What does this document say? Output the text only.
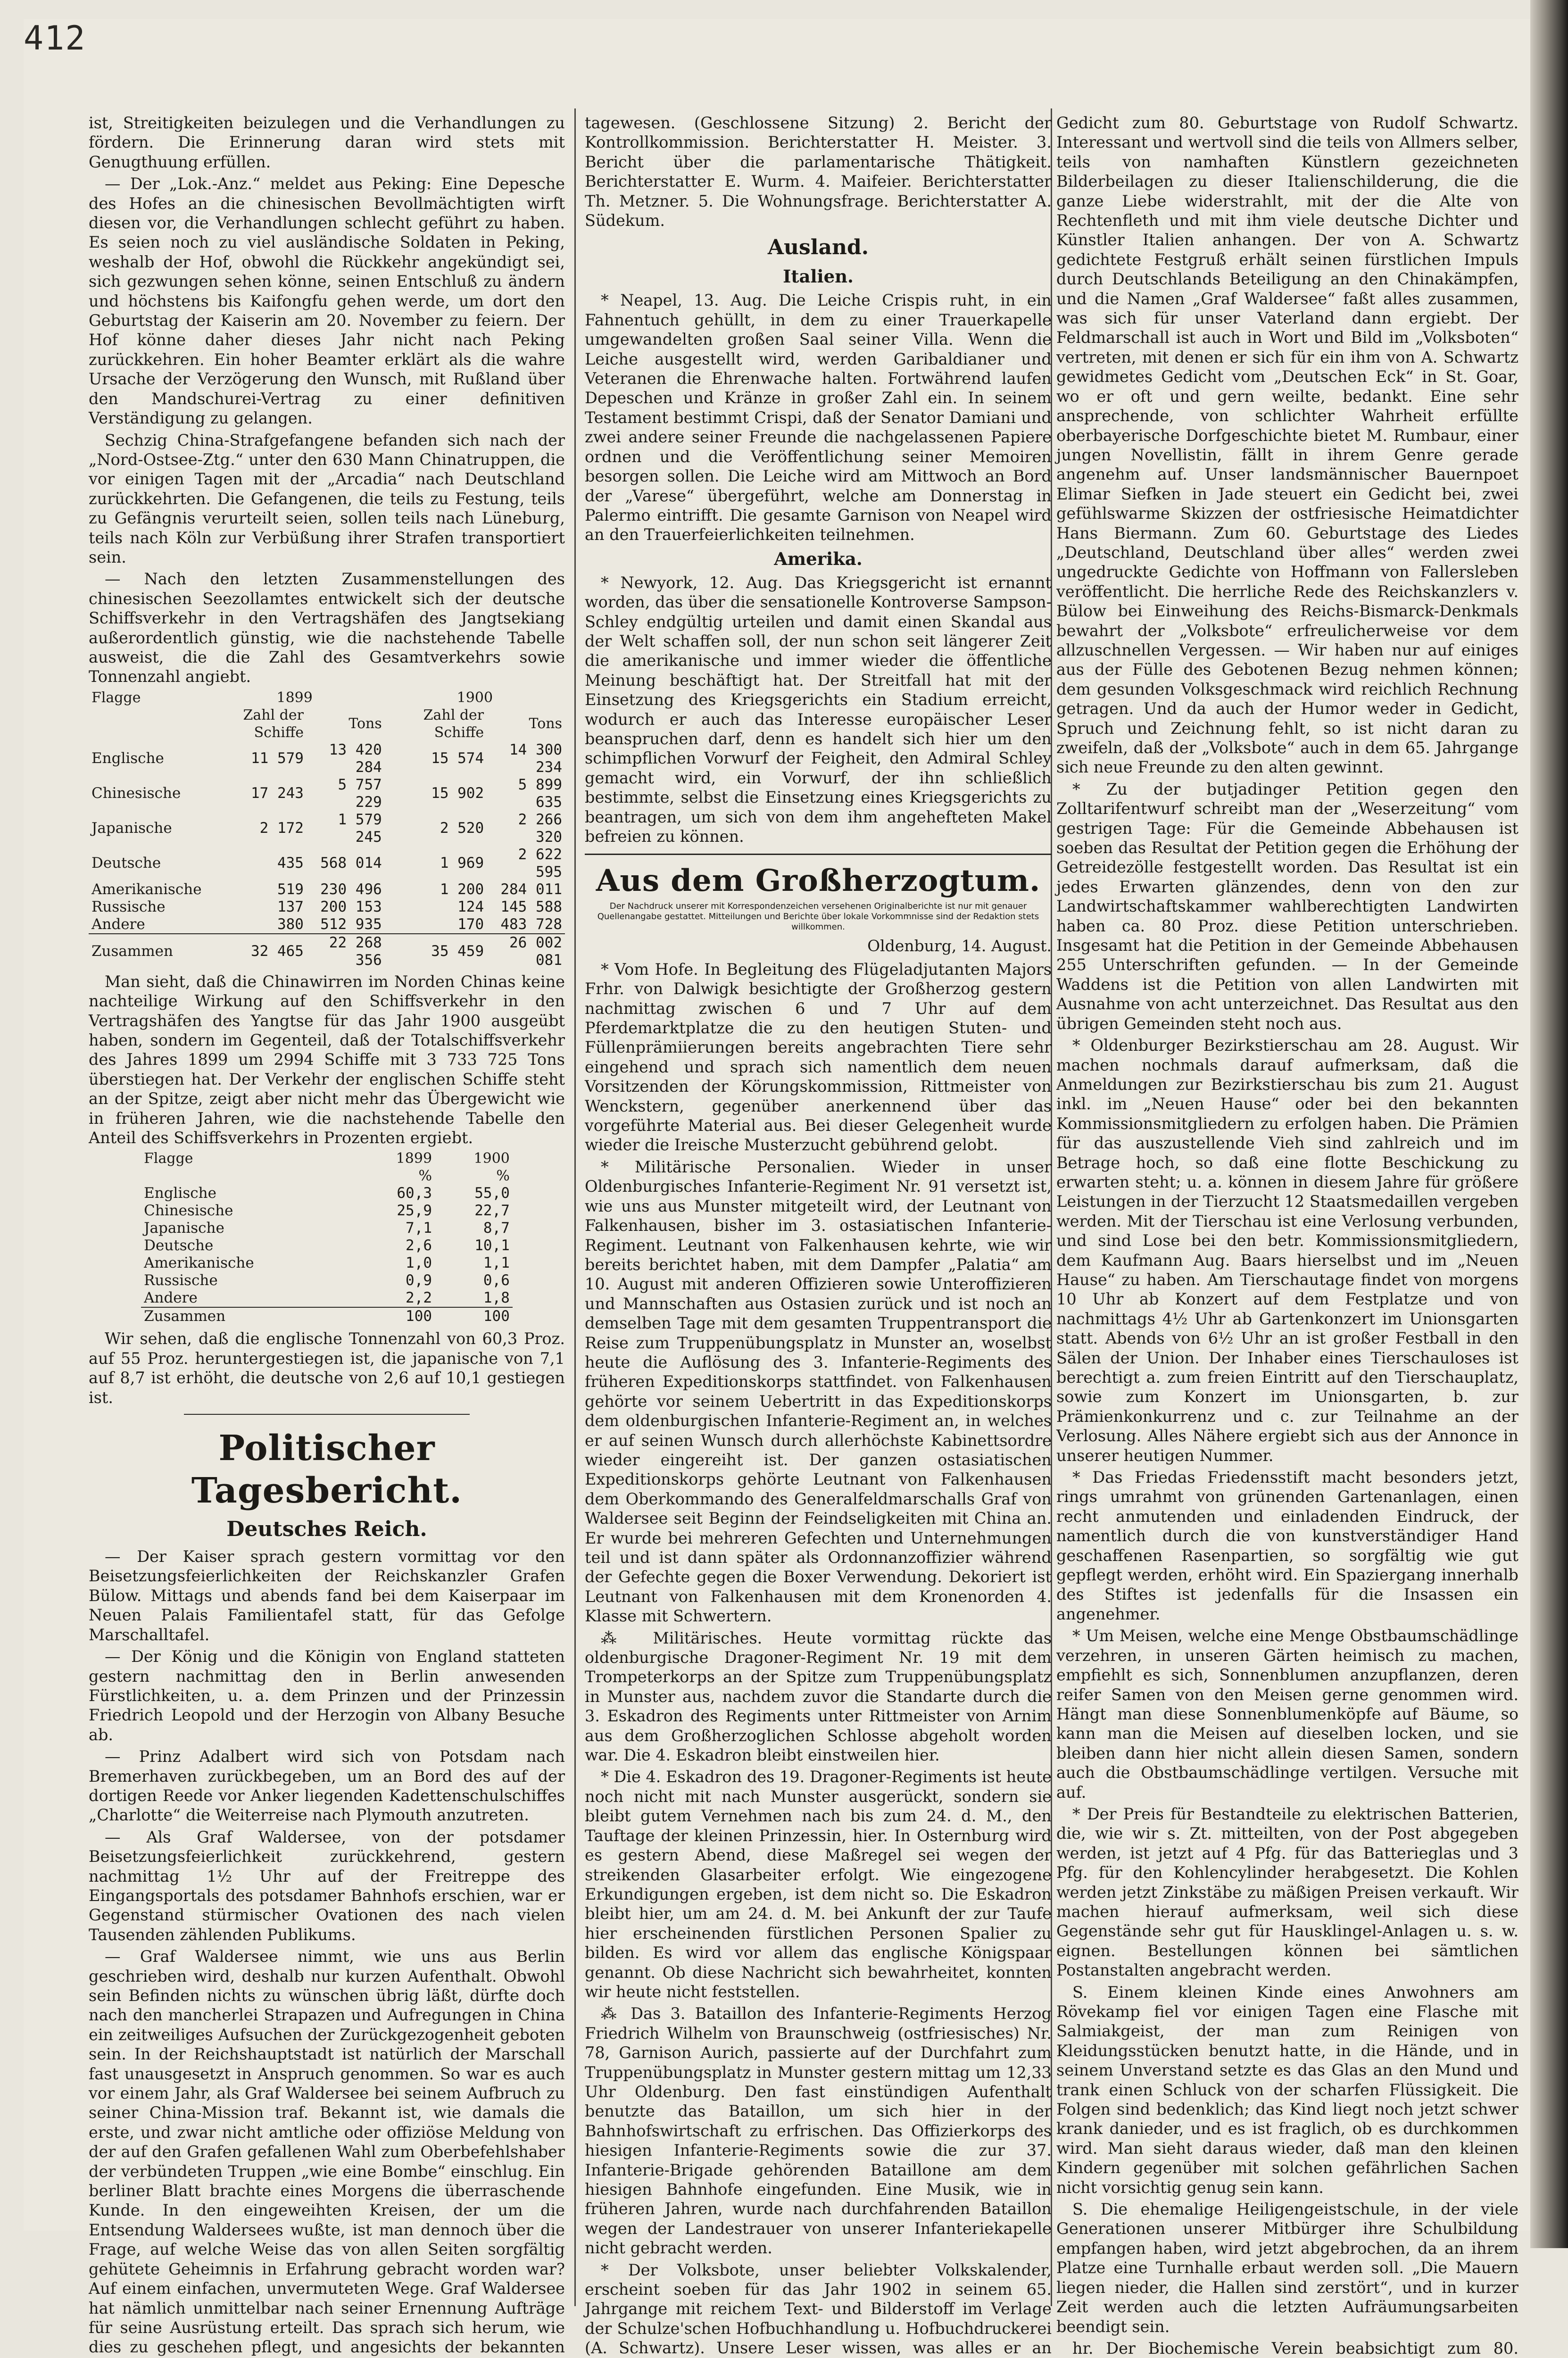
412

ist, Streitigkeiten beizulegen und die Verhandlungen zu fördern. Die Erinnerung daran wird stets mit Genugthuung erfüllen.

— Der „Lok.-Anz.“ meldet aus Peking: Eine Depesche des Hofes an die chinesischen Bevollmächtigten wirft diesen vor, die Verhandlungen schlecht geführt zu haben. Es seien noch zu viel ausländische Soldaten in Peking, weshalb der Hof, obwohl die Rückkehr angekündigt sei, sich gezwungen sehen könne, seinen Entschluß zu ändern und höchstens bis Kaifongfu gehen werde, um dort den Geburtstag der Kaiserin am 20. November zu feiern. Der Hof könne daher dieses Jahr nicht nach Peking zurückkehren. Ein hoher Beamter erklärt als die wahre Ursache der Verzögerung den Wunsch, mit Rußland über den Mandschurei-Vertrag zu einer definitiven Verständigung zu gelangen.

Sechzig China-Strafgefangene befanden sich nach der „Nord-Ostsee-Ztg.“ unter den 630 Mann Chinatruppen, die vor einigen Tagen mit der „Arcadia“ nach Deutschland zurückkehrten. Die Gefangenen, die teils zu Festung, teils zu Gefängnis verurteilt seien, sollen teils nach Lüneburg, teils nach Köln zur Verbüßung ihrer Strafen transportiert sein.

— Nach den letzten Zusammenstellungen des chinesischen Seezollamtes entwickelt sich der deutsche Schiffsverkehr in den Vertragshäfen des Jangtsekiang außerordentlich günstig, wie die nachstehende Tabelle ausweist, die die Zahl des Gesamtverkehrs sowie Tonnenzahl angiebt.

Flagge	1899		1900	
	Zahl der Schiffe	Tons	Zahl der Schiffe	Tons
Englische	11 579	13 420 284	15 574	14 300 234
Chinesische	17 243	5 757 229	15 902	5 899 635
Japanische	2 172	1 579 245	2 520	2 266 320
Deutsche	435	568 014	1 969	2 622 595
Amerikanische	519	230 496	1 200	284 011
Russische	137	200 153	124	145 588
Andere	380	512 935	170	483 728
Zusammen	32 465	22 268 356	35 459	26 002 081

Man sieht, daß die Chinawirren im Norden Chinas keine nachteilige Wirkung auf den Schiffsverkehr in den Vertragshäfen des Yangtse für das Jahr 1900 ausgeübt haben, sondern im Gegenteil, daß der Totalschiffsverkehr des Jahres 1899 um 2994 Schiffe mit 3 733 725 Tons überstiegen hat. Der Verkehr der englischen Schiffe steht an der Spitze, zeigt aber nicht mehr das Übergewicht wie in früheren Jahren, wie die nachstehende Tabelle den Anteil des Schiffsverkehrs in Prozenten ergiebt.

Flagge	1899	1900
	%	%
Englische	60,3	55,0
Chinesische	25,9	22,7
Japanische	7,1	8,7
Deutsche	2,6	10,1
Amerikanische	1,0	1,1
Russische	0,9	0,6
Andere	2,2	1,8
Zusammen	100	100

Wir sehen, daß die englische Tonnenzahl von 60,3 Proz. auf 55 Proz. heruntergestiegen ist, die japanische von 7,1 auf 8,7 ist erhöht, die deutsche von 2,6 auf 10,1 gestiegen ist.

Politischer Tagesbericht.
Deutsches Reich.

— Der Kaiser sprach gestern vormittag vor den Beisetzungsfeierlichkeiten der Reichskanzler Grafen Bülow. Mittags und abends fand bei dem Kaiserpaar im Neuen Palais Familientafel statt, für das Gefolge Marschalltafel.

— Der König und die Königin von England statteten gestern nachmittag den in Berlin anwesenden Fürstlichkeiten, u. a. dem Prinzen und der Prinzessin Friedrich Leopold und der Herzogin von Albany Besuche ab.

— Prinz Adalbert wird sich von Potsdam nach Bremerhaven zurückbegeben, um an Bord des auf der dortigen Reede vor Anker liegenden Kadettenschulschiffes „Charlotte“ die Weiterreise nach Plymouth anzutreten.

— Als Graf Waldersee, von der potsdamer Beisetzungsfeierlichkeit zurückkehrend, gestern nachmittag 1½ Uhr auf der Freitreppe des Eingangsportals des potsdamer Bahnhofs erschien, war er Gegenstand stürmischer Ovationen des nach vielen Tausenden zählenden Publikums.

— Graf Waldersee nimmt, wie uns aus Berlin geschrieben wird, deshalb nur kurzen Aufenthalt. Obwohl sein Befinden nichts zu wünschen übrig läßt, dürfte doch nach den mancherlei Strapazen und Aufregungen in China ein zeitweiliges Aufsuchen der Zurückgezogenheit geboten sein. In der Reichshauptstadt ist natürlich der Marschall fast unausgesetzt in Anspruch genommen. So war es auch vor einem Jahr, als Graf Waldersee bei seinem Aufbruch zu seiner China-Mission traf. Bekannt ist, wie damals die erste, und zwar nicht amtliche oder offiziöse Meldung von der auf den Grafen gefallenen Wahl zum Oberbefehlshaber der verbündeten Truppen „wie eine Bombe“ einschlug. Ein berliner Blatt brachte eines Morgens die überraschende Kunde. In den eingeweihten Kreisen, der um die Entsendung Waldersees wußte, ist man dennoch über die Frage, auf welche Weise das von allen Seiten sorgfältig gehütete Geheimnis in Erfahrung gebracht worden war? Auf einem einfachen, unvermuteten Wege. Graf Waldersee hat nämlich unmittelbar nach seiner Ernennung Aufträge für seine Ausrüstung erteilt. Das sprach sich herum, wie dies zu geschehen pflegt, und angesichts der bekannten

tagewesen. (Geschlossene Sitzung) 2. Bericht der Kontrollkommission. Berichterstatter H. Meister. 3. Bericht über die parlamentarische Thätigkeit. Berichterstatter E. Wurm. 4. Maifeier. Berichterstatter Th. Metzner. 5. Die Wohnungsfrage. Berichterstatter A. Südekum.

Ausland.
Italien.

* Neapel, 13. Aug. Die Leiche Crispis ruht, in ein Fahnentuch gehüllt, in dem zu einer Trauerkapelle umgewandelten großen Saal seiner Villa. Wenn die Leiche ausgestellt wird, werden Garibaldianer und Veteranen die Ehrenwache halten. Fortwährend laufen Depeschen und Kränze in großer Zahl ein. In seinem Testament bestimmt Crispi, daß der Senator Damiani und zwei andere seiner Freunde die nachgelassenen Papiere ordnen und die Veröffentlichung seiner Memoiren besorgen sollen. Die Leiche wird am Mittwoch an Bord der „Varese“ übergeführt, welche am Donnerstag in Palermo eintrifft. Die gesamte Garnison von Neapel wird an den Trauerfeierlichkeiten teilnehmen.

Amerika.

* Newyork, 12. Aug. Das Kriegsgericht ist ernannt worden, das über die sensationelle Kontroverse Sampson-Schley endgültig urteilen und damit einen Skandal aus der Welt schaffen soll, der nun schon seit längerer Zeit die amerikanische und immer wieder die öffentliche Meinung beschäftigt hat. Der Streitfall hat mit der Einsetzung des Kriegsgerichts ein Stadium erreicht, wodurch er auch das Interesse europäischer Leser beanspruchen darf, denn es handelt sich hier um den schimpflichen Vorwurf der Feigheit, den Admiral Schley gemacht wird, ein Vorwurf, der ihn schließlich bestimmte, selbst die Einsetzung eines Kriegsgerichts zu beantragen, um sich von dem ihm angehefteten Makel befreien zu können.

Aus dem Großherzogtum.
Der Nachdruck unserer mit Korrespondenzeichen versehenen Originalberichte ist nur mit genauer Quellenangabe gestattet. Mitteilungen und Berichte über lokale Vorkommnisse sind der Redaktion stets willkommen.
Oldenburg, 14. August.

* Vom Hofe. In Begleitung des Flügeladjutanten Majors Frhr. von Dalwigk besichtigte der Großherzog gestern nachmittag zwischen 6 und 7 Uhr auf dem Pferdemarktplatze die zu den heutigen Stuten- und Füllenprämiierungen bereits angebrachten Tiere sehr eingehend und sprach sich namentlich dem neuen Vorsitzenden der Körungskommission, Rittmeister von Wenckstern, gegenüber anerkennend über das vorgeführte Material aus. Bei dieser Gelegenheit wurde wieder die Ireische Musterzucht gebührend gelobt.

* Militärische Personalien. Wieder in unser Oldenburgisches Infanterie-Regiment Nr. 91 versetzt ist, wie uns aus Munster mitgeteilt wird, der Leutnant von Falkenhausen, bisher im 3. ostasiatischen Infanterie-Regiment. Leutnant von Falkenhausen kehrte, wie wir bereits berichtet haben, mit dem Dampfer „Palatia“ am 10. August mit anderen Offizieren sowie Unteroffizieren und Mannschaften aus Ostasien zurück und ist noch an demselben Tage mit dem gesamten Truppentransport die Reise zum Truppenübungsplatz in Munster an, woselbst heute die Auflösung des 3. Infanterie-Regiments des früheren Expeditionskorps stattfindet. von Falkenhausen gehörte vor seinem Uebertritt in das Expeditionskorps dem oldenburgischen Infanterie-Regiment an, in welches er auf seinen Wunsch durch allerhöchste Kabinettsordre wieder eingereiht ist. Der ganzen ostasiatischen Expeditionskorps gehörte Leutnant von Falkenhausen dem Oberkommando des Generalfeldmarschalls Graf von Waldersee seit Beginn der Feindseligkeiten mit China an. Er wurde bei mehreren Gefechten und Unternehmungen teil und ist dann später als Ordonnanzoffizier während der Gefechte gegen die Boxer Verwendung. Dekoriert ist Leutnant von Falkenhausen mit dem Kronenorden 4. Klasse mit Schwertern.

⁂ Militärisches. Heute vormittag rückte das oldenburgische Dragoner-Regiment Nr. 19 mit dem Trompeterkorps an der Spitze zum Truppenübungsplatz in Munster aus, nachdem zuvor die Standarte durch die 3. Eskadron des Regiments unter Rittmeister von Arnim aus dem Großherzoglichen Schlosse abgeholt worden war. Die 4. Eskadron bleibt einstweilen hier.

* Die 4. Eskadron des 19. Dragoner-Regiments ist heute noch nicht mit nach Munster ausgerückt, sondern sie bleibt gutem Vernehmen nach bis zum 24. d. M., den Tauftage der kleinen Prinzessin, hier. In Osternburg wird es gestern Abend, diese Maßregel sei wegen der streikenden Glasarbeiter erfolgt. Wie eingezogene Erkundigungen ergeben, ist dem nicht so. Die Eskadron bleibt hier, um am 24. d. M. bei Ankunft der zur Taufe hier erscheinenden fürstlichen Personen Spalier zu bilden. Es wird vor allem das englische Königspaar genannt. Ob diese Nachricht sich bewahrheitet, konnten wir heute nicht feststellen.

⁂ Das 3. Bataillon des Infanterie-Regiments Herzog Friedrich Wilhelm von Braunschweig (ostfriesisches) Nr. 78, Garnison Aurich, passierte auf der Durchfahrt zum Truppenübungsplatz in Munster gestern mittag um 12,33 Uhr Oldenburg. Den fast einstündigen Aufenthalt benutzte das Bataillon, um sich hier in der Bahnhofswirtschaft zu erfrischen. Das Offizierkorps des hiesigen Infanterie-Regiments sowie die zur 37. Infanterie-Brigade gehörenden Bataillone am dem hiesigen Bahnhofe eingefunden. Eine Musik, wie in früheren Jahren, wurde nach durchfahrenden Bataillon wegen der Landestrauer von unserer Infanteriekapelle nicht gebracht werden.

* Der Volksbote, unser beliebter Volkskalender, erscheint soeben für das Jahr 1902 in seinem 65. Jahrgange mit reichem Text- und Bilderstoff im Verlage der Schulze'schen Hofbuchhandlung u. Hofbuchdruckerei (A. Schwartz). Unsere Leser wissen, was alles er an

Gedicht zum 80. Geburtstage von Rudolf Schwartz. Interessant und wertvoll sind die teils von Allmers selber, teils von namhaften Künstlern gezeichneten Bilderbeilagen zu dieser Italienschilderung, die die ganze Liebe widerstrahlt, mit der die Alte von Rechtenfleth und mit ihm viele deutsche Dichter und Künstler Italien anhangen. Der von A. Schwartz gedichtete Festgruß erhält seinen fürstlichen Impuls durch Deutschlands Beteiligung an den Chinakämpfen, und die Namen „Graf Waldersee“ faßt alles zusammen, was sich für unser Vaterland dann ergiebt. Der Feldmarschall ist auch in Wort und Bild im „Volksboten“ vertreten, mit denen er sich für ein ihm von A. Schwartz gewidmetes Gedicht vom „Deutschen Eck“ in St. Goar, wo er oft und gern weilte, bedankt. Eine sehr ansprechende, von schlichter Wahrheit erfüllte oberbayerische Dorfgeschichte bietet M. Rumbaur, einer jungen Novellistin, fällt in ihrem Genre gerade angenehm auf. Unser landsmännischer Bauernpoet Elimar Siefken in Jade steuert ein Gedicht bei, zwei gefühlswarme Skizzen der ostfriesische Heimatdichter Hans Biermann. Zum 60. Geburtstage des Liedes „Deutschland, Deutschland über alles“ werden zwei ungedruckte Gedichte von Hoffmann von Fallersleben veröffentlicht. Die herrliche Rede des Reichskanzlers v. Bülow bei Einweihung des Reichs-Bismarck-Denkmals bewahrt der „Volksbote“ erfreulicherweise vor dem allzuschnellen Vergessen. — Wir haben nur auf einiges aus der Fülle des Gebotenen Bezug nehmen können; dem gesunden Volksgeschmack wird reichlich Rechnung getragen. Und da auch der Humor weder in Gedicht, Spruch und Zeichnung fehlt, so ist nicht daran zu zweifeln, daß der „Volksbote“ auch in dem 65. Jahrgange sich neue Freunde zu den alten gewinnt.

* Zu der butjadinger Petition gegen den Zolltarifentwurf schreibt man der „Weserzeitung“ vom gestrigen Tage: Für die Gemeinde Abbehausen ist soeben das Resultat der Petition gegen die Erhöhung der Getreidezölle festgestellt worden. Das Resultat ist ein jedes Erwarten glänzendes, denn von den zur Landwirtschaftskammer wahlberechtigten Landwirten haben ca. 80 Proz. diese Petition unterschrieben. Insgesamt hat die Petition in der Gemeinde Abbehausen 255 Unterschriften gefunden. — In der Gemeinde Waddens ist die Petition von allen Landwirten mit Ausnahme von acht unterzeichnet. Das Resultat aus den übrigen Gemeinden steht noch aus.

* Oldenburger Bezirkstierschau am 28. August. Wir machen nochmals darauf aufmerksam, daß die Anmeldungen zur Bezirkstierschau bis zum 21. August inkl. im „Neuen Hause“ oder bei den bekannten Kommissionsmitgliedern zu erfolgen haben. Die Prämien für das auszustellende Vieh sind zahlreich und im Betrage hoch, so daß eine flotte Beschickung zu erwarten steht; u. a. können in diesem Jahre für größere Leistungen in der Tierzucht 12 Staatsmedaillen vergeben werden. Mit der Tierschau ist eine Verlosung verbunden, und sind Lose bei den betr. Kommissionsmitgliedern, dem Kaufmann Aug. Baars hierselbst und im „Neuen Hause“ zu haben. Am Tierschautage findet von morgens 10 Uhr ab Konzert auf dem Festplatze und von nachmittags 4½ Uhr ab Gartenkonzert im Unionsgarten statt. Abends von 6½ Uhr an ist großer Festball in den Sälen der Union. Der Inhaber eines Tierschauloses ist berechtigt a. zum freien Eintritt auf den Tierschauplatz, sowie zum Konzert im Unionsgarten, b. zur Prämienkonkurrenz und c. zur Teilnahme an der Verlosung. Alles Nähere ergiebt sich aus der Annonce in unserer heutigen Nummer.

* Das Friedas Friedensstift macht besonders jetzt, rings umrahmt von grünenden Gartenanlagen, einen recht anmutenden und einladenden Eindruck, der namentlich durch die von kunstverständiger Hand geschaffenen Rasenpartien, so sorgfältig wie gut gepflegt werden, erhöht wird. Ein Spaziergang innerhalb des Stiftes ist jedenfalls für die Insassen ein angenehmer.

* Um Meisen, welche eine Menge Obstbaumschädlinge verzehren, in unseren Gärten heimisch zu machen, empfiehlt es sich, Sonnenblumen anzupflanzen, deren reifer Samen von den Meisen gerne genommen wird. Hängt man diese Sonnenblumenköpfe auf Bäume, so kann man die Meisen auf dieselben locken, und sie bleiben dann hier nicht allein diesen Samen, sondern auch die Obstbaumschädlinge vertilgen. Versuche mit auf.

* Der Preis für Bestandteile zu elektrischen Batterien, die, wie wir s. Zt. mitteilten, von der Post abgegeben werden, ist jetzt auf 4 Pfg. für das Batterieglas und 3 Pfg. für den Kohlencylinder herabgesetzt. Die Kohlen werden jetzt Zinkstäbe zu mäßigen Preisen verkauft. Wir machen hierauf aufmerksam, weil sich diese Gegenstände sehr gut für Hausklingel-Anlagen u. s. w. eignen. Bestellungen können bei sämtlichen Postanstalten angebracht werden.

S. Einem kleinen Kinde eines Anwohners am Rövekamp fiel vor einigen Tagen eine Flasche mit Salmiakgeist, der man zum Reinigen von Kleidungsstücken benutzt hatte, in die Hände, und in seinem Unverstand setzte es das Glas an den Mund und trank einen Schluck von der scharfen Flüssigkeit. Die Folgen sind bedenklich; das Kind liegt noch jetzt schwer krank danieder, und es ist fraglich, ob es durchkommen wird. Man sieht daraus wieder, daß man den kleinen Kindern gegenüber mit solchen gefährlichen Sachen nicht vorsichtig genug sein kann.

S. Die ehemalige Heiligengeistschule, in der viele Generationen unserer Mitbürger ihre Schulbildung empfangen haben, wird jetzt abgebrochen, da an ihrem Platze eine Turnhalle erbaut werden soll. „Die Mauern liegen nieder, die Hallen sind zerstört“, und in kurzer Zeit werden auch die letzten Aufräumungsarbeiten beendigt sein.

hr. Der Biochemische Verein beabsichtigt zum 80.
